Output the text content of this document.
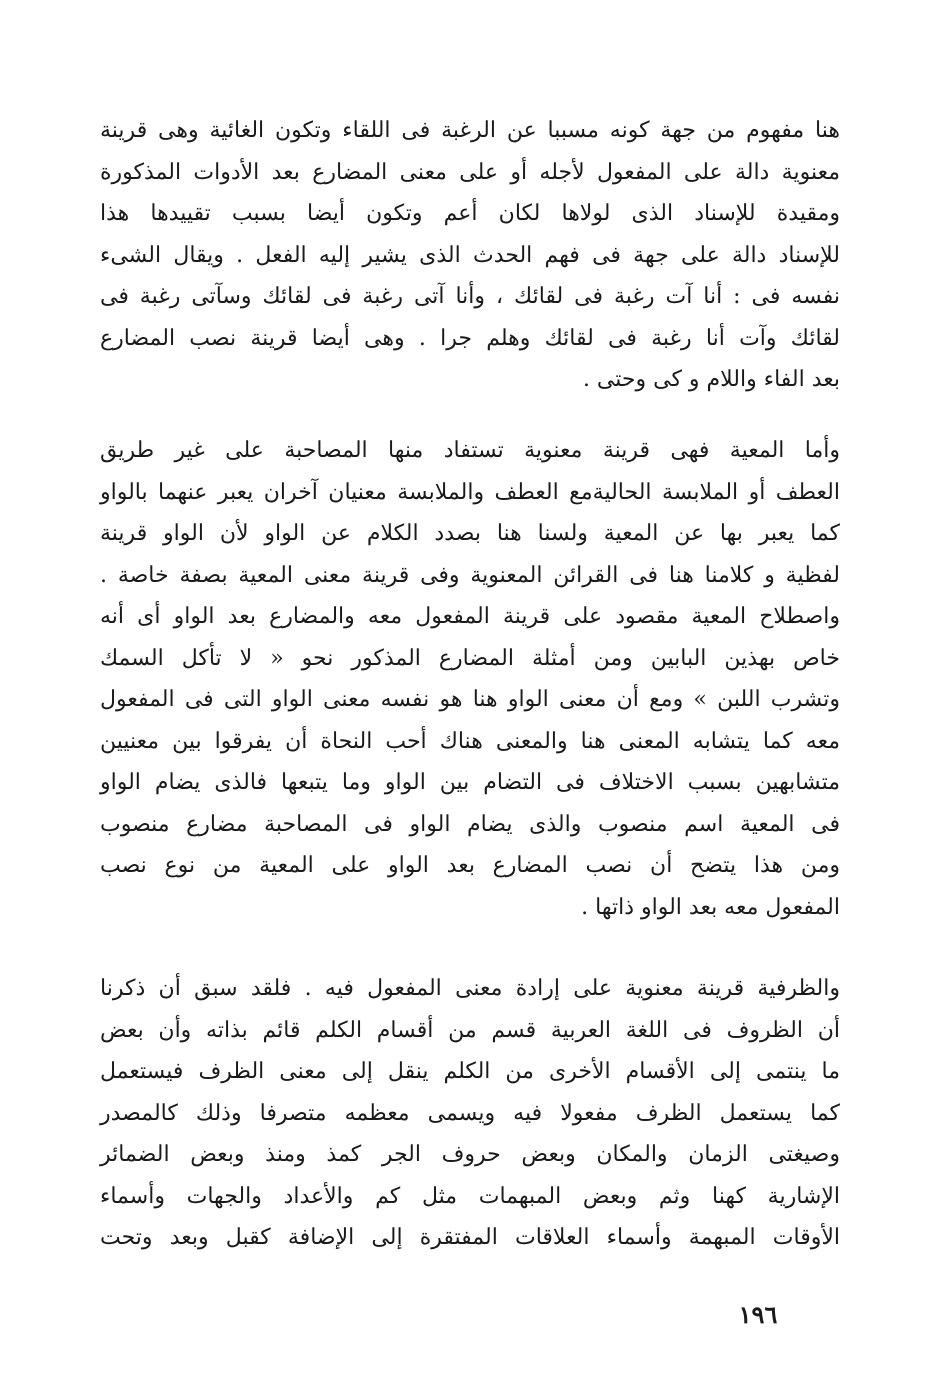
هنا مفهوم من جهة كونه مسببا عن الرغبة فى اللقاء وتكون الغائية وهى قرينة
معنوية دالة على المفعول لأجله أو على معنى المضارع بعد الأدوات المذكورة
ومقيدة للإسناد الذى لولاها لكان أعم وتكون أيضا بسبب تقييدها هذا
للإسناد دالة على جهة فى فهم الحدث الذى يشير إليه الفعل . ويقال الشىء
نفسه فى : أنا آت رغبة فى لقائك ، وأنا آتى رغبة فى لقائك وسآتى رغبة فى
لقائك وآت أنا رغبة فى لقائك وهلم جرا . وهى أيضا قرينة نصب المضارع
بعد الفاء واللام و كى وحتى .
وأما المعية فهى قرينة معنوية تستفاد منها المصاحبة على غير طريق
العطف أو الملابسة الحاليةمع العطف والملابسة معنيان آخران يعبر عنهما بالواو
كما يعبر بها عن المعية ولسنا هنا بصدد الكلام عن الواو لأن الواو قرينة
لفظية و كلامنا هنا فى القرائن المعنوية وفى قرينة معنى المعية بصفة خاصة .
واصطلاح المعية مقصود على قرينة المفعول معه والمضارع بعد الواو أى أنه
خاص بهذين البابين ومن أمثلة المضارع المذكور نحو « لا تأكل السمك
وتشرب اللبن » ومع أن معنى الواو هنا هو نفسه معنى الواو التى فى المفعول
معه كما يتشابه المعنى هنا والمعنى هناك أحب النحاة أن يفرقوا بين معنيين
متشابهين بسبب الاختلاف فى التضام بين الواو وما يتبعها فالذى يضام الواو
فى المعية اسم منصوب والذى يضام الواو فى المصاحبة مضارع منصوب
ومن هذا يتضح أن نصب المضارع بعد الواو على المعية من نوع نصب
المفعول معه بعد الواو ذاتها .
والظرفية قرينة معنوية على إرادة معنى المفعول فيه . فلقد سبق أن ذكرنا
أن الظروف فى اللغة العربية قسم من أقسام الكلم قائم بذاته وأن بعض
ما ينتمى إلى الأقسام الأخرى من الكلم ينقل إلى معنى الظرف فيستعمل
كما يستعمل الظرف مفعولا فيه ويسمى معظمه متصرفا وذلك كالمصدر
وصيغتى الزمان والمكان وبعض حروف الجر كمذ ومنذ وبعض الضمائر
الإشارية كهنا وثم وبعض المبهمات مثل كم والأعداد والجهات وأسماء
الأوقات المبهمة وأسماء العلاقات المفتقرة إلى الإضافة كقبل وبعد وتحت
١٩٦
